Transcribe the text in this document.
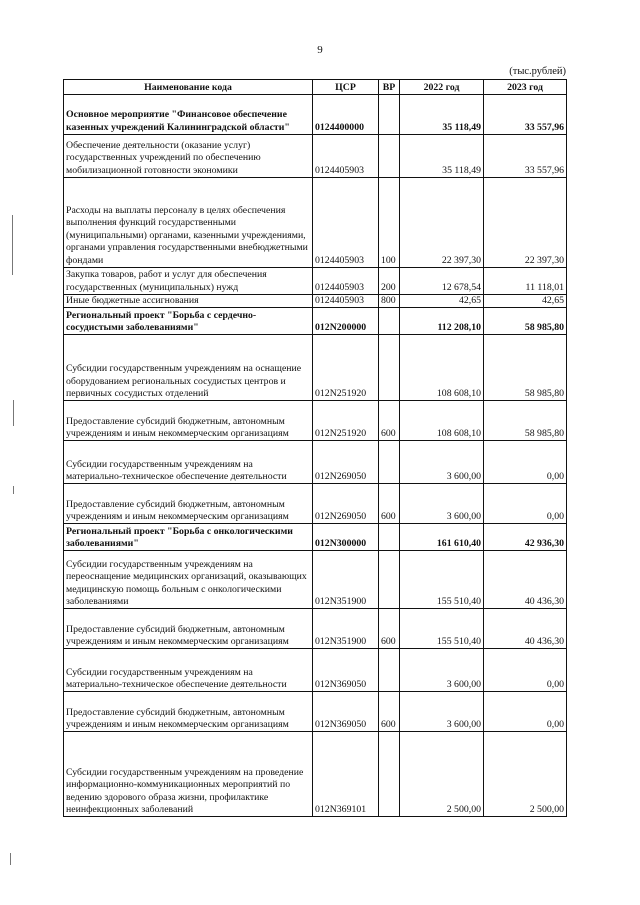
9
(тыс.рублей)
Наименование кода	ЦСР	ВР	2022 год	2023 год
Основное мероприятие "Финансовое обеспечение казенных учреждений Калининградской области"	0124400000		35 118,49	33 557,96
Обеспечение деятельности (оказание услуг) государственных учреждений по обеспечению мобилизационной готовности экономики	0124405903		35 118,49	33 557,96
Расходы на выплаты персоналу в целях обеспечения выполнения функций государственными (муниципальными) органами, казенными учреждениями, органами управления государственными внебюджетными фондами	0124405903	100	22 397,30	22 397,30
Закупка товаров, работ и услуг для обеспечения государственных (муниципальных) нужд	0124405903	200	12 678,54	11 118,01
Иные бюджетные ассигнования	0124405903	800	42,65	42,65
Региональный проект "Борьба с сердечно-сосудистыми заболеваниями"	012N200000		112 208,10	58 985,80
Субсидии государственным учреждениям на оснащение оборудованием региональных сосудистых центров и первичных сосудистых отделений	012N251920		108 608,10	58 985,80
Предоставление субсидий бюджетным, автономным учреждениям и иным некоммерческим организациям	012N251920	600	108 608,10	58 985,80
Субсидии государственным учреждениям на материально-техническое обеспечение деятельности	012N269050		3 600,00	0,00
Предоставление субсидий бюджетным, автономным учреждениям и иным некоммерческим организациям	012N269050	600	3 600,00	0,00
Региональный проект "Борьба с онкологическими заболеваниями"	012N300000		161 610,40	42 936,30
Субсидии государственным учреждениям на переоснащение медицинских организаций, оказывающих медицинскую помощь больным с онкологическими заболеваниями	012N351900		155 510,40	40 436,30
Предоставление субсидий бюджетным, автономным учреждениям и иным некоммерческим организациям	012N351900	600	155 510,40	40 436,30
Субсидии государственным учреждениям на материально-техническое обеспечение деятельности	012N369050		3 600,00	0,00
Предоставление субсидий бюджетным, автономным учреждениям и иным некоммерческим организациям	012N369050	600	3 600,00	0,00
Субсидии государственным учреждениям на проведение информационно-коммуникационных мероприятий по ведению здорового образа жизни, профилактике неинфекционных заболеваний	012N369101		2 500,00	2 500,00
